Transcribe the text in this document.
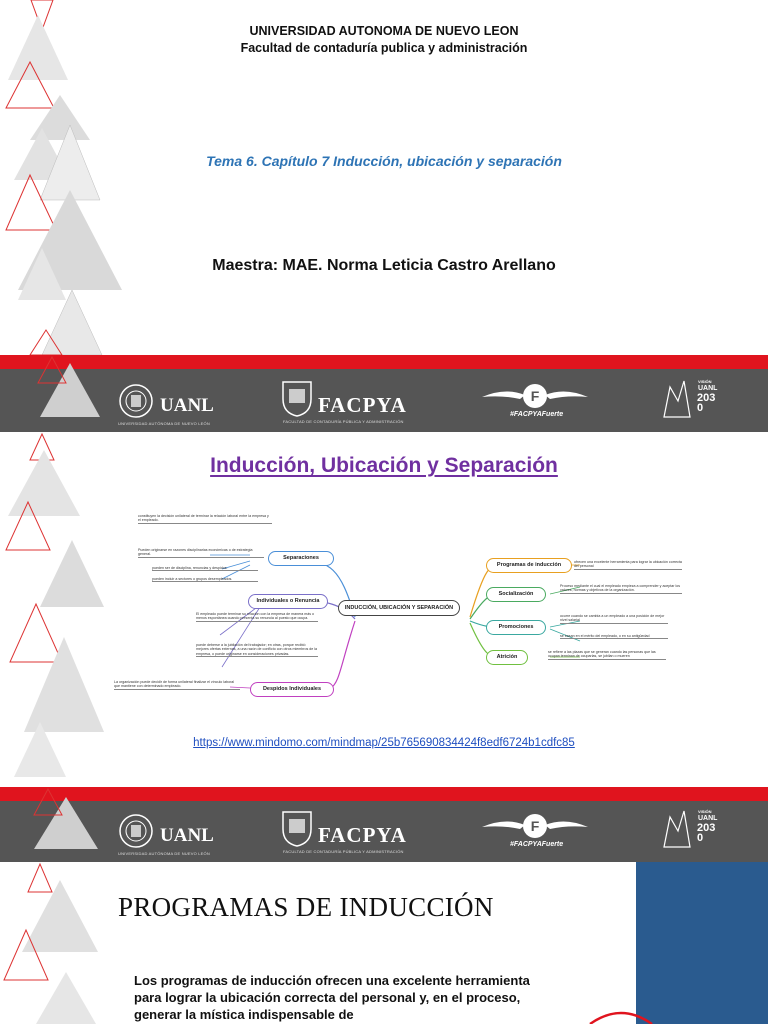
UNIVERSIDAD AUTONOMA DE NUEVO LEON
Facultad de contaduría publica y administración
Tema 6. Capítulo 7 Inducción, ubicación y separación
Maestra: MAE. Norma Leticia Castro Arellano
UANL
UNIVERSIDAD AUTÓNOMA DE NUEVO LEÓN
FACPYA
FACULTAD DE CONTADURÍA PÚBLICA Y ADMINISTRACIÓN
F
#FACPYAFuerte
VISIÓN
UANL
2030
Inducción, Ubicación y Separación
INDUCCIÓN, UBICACIÓN Y SEPARACIÓN
Separaciones
Individuales o Renuncia
Despidos Individuales
Programas de inducción
Socialización
Promociones
Atrición
constituyen la decisión unilateral de terminar la relación laboral entre la empresa y el empleado.
Pueden originarse en razones disciplinarias económicas o de estrategia general.
pueden ser de disciplina, renuncias y despidos.
pueden incluir a sectores o grupos desempleados.
El empleado puede terminar su relación con la empresa de manera más o menos espontánea cuando presenta su renuncia al puesto que ocupa.
puede deberse a la jubilación del trabajador; en otras, porque recibió mejores ofertas externas, a una razón de conflicto con otros miembros de la empresa, o puede originarse en consideraciones privadas.
La organización puede decidir de forma unilateral finalizar el vínculo laboral que mantiene con determinado empleado.
ofrecen una excelente herramienta para lograr la ubicación correcta del personal
Proceso mediante el cual el empleado empieza a comprender y aceptar los valores, normas y objetivos de la organización.
ocurre cuando se cambia a un empleado a una posición de mejor nivel salarial
se basan en el mérito del empleado, o en su antigüedad
se refiere a las plazas que se generan cuando las personas que las ocupan terminan de ocuparlas, se jubilan o mueren
https://www.mindomo.com/mindmap/25b765690834424f8edf6724b1cdfc85
UANL
UNIVERSIDAD AUTÓNOMA DE NUEVO LEÓN
FACPYA
FACULTAD DE CONTADURÍA PÚBLICA Y ADMINISTRACIÓN
F
#FACPYAFuerte
VISIÓN
UANL
2030
PROGRAMAS DE INDUCCIÓN
Los programas de inducción ofrecen una excelente herramienta para lograr la ubicación correcta del personal y, en el proceso, generar la mística indispensable de
